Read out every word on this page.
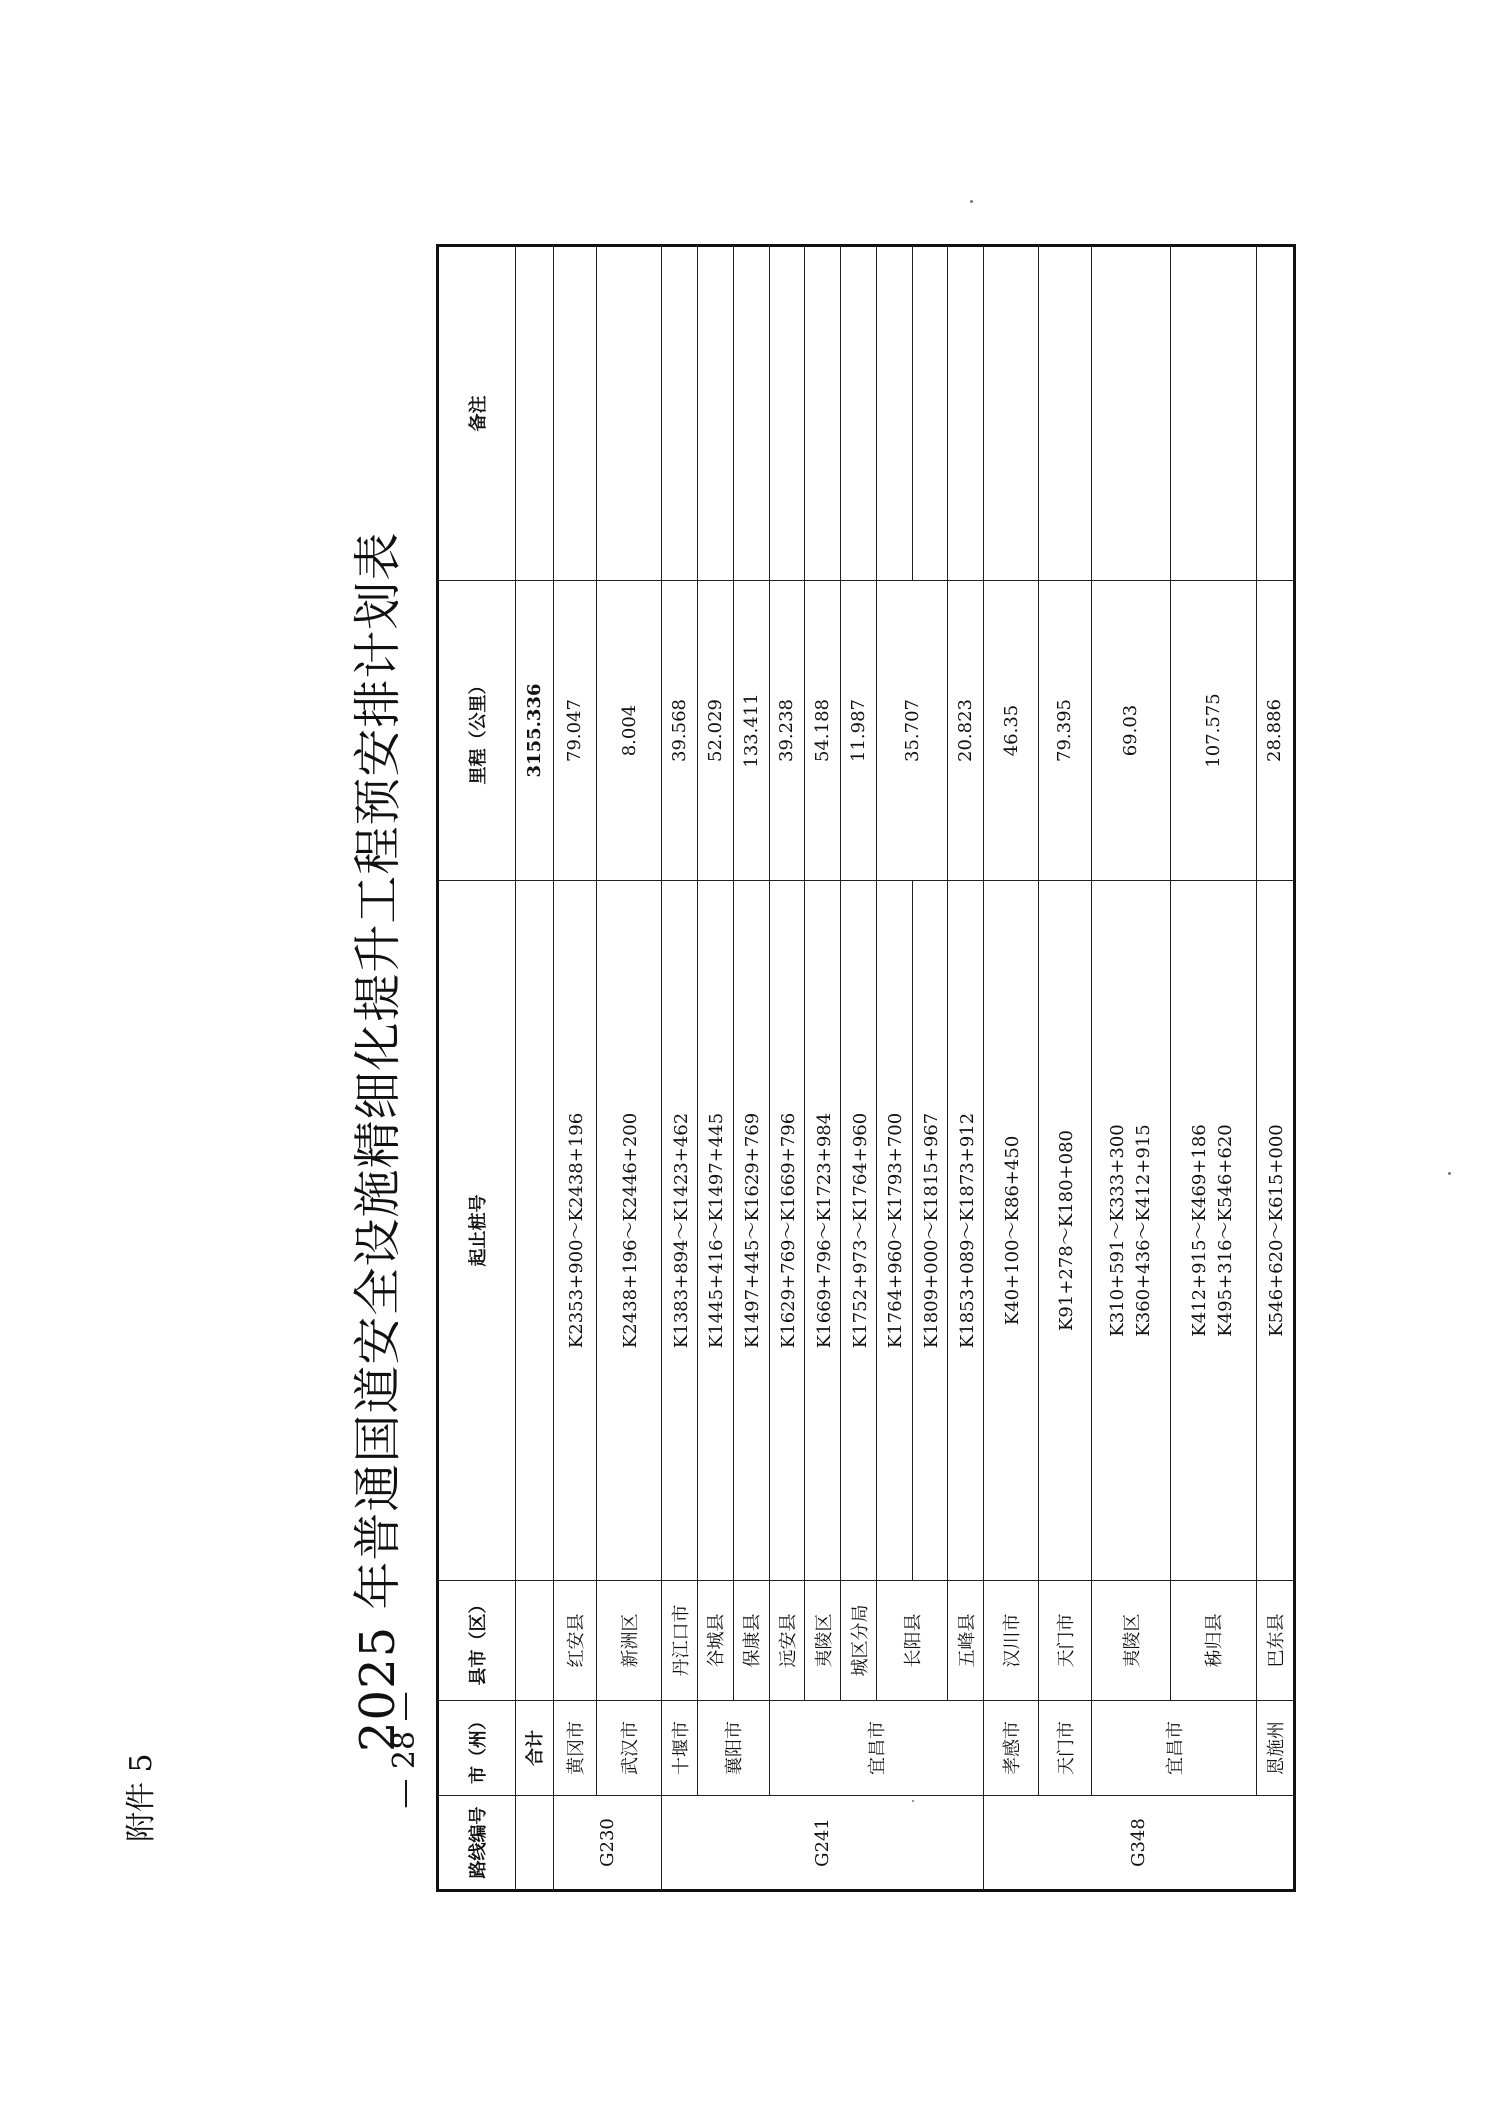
附件 5
2025 年普通国道安全设施精细化提升工程预安排计划表
— 28 —
路线编号	市（州）	县市（区）	起止桩号	里程（公里）	备注
	合计			3155.336	
G230	黄冈市	红安县	K2353+900～K2438+196	79.047	
	武汉市	新洲区	K2438+196～K2446+200	8.004	
G241	十堰市	丹江口市	K1383+894～K1423+462	39.568	
	襄阳市	谷城县	K1445+416～K1497+445	52.029	
		保康县	K1497+445～K1629+769	133.411	
	宜昌市	远安县	K1629+769～K1669+796	39.238	
		夷陵区	K1669+796～K1723+984	54.188	
		城区分局	K1752+973～K1764+960	11.987	
		长阳县	K1764+960～K1793+700	35.707	
			K1809+000～K1815+967		
		五峰县	K1853+089～K1873+912	20.823	
G348	孝感市	汉川市	K40+100～K86+450	46.35	
	天门市	天门市	K91+278～K180+080	79.395	
	宜昌市	夷陵区	K310+591～K333+300 K360+436～K412+915	69.03	
		秭归县	K412+915～K469+186 K495+316～K546+620	107.575	
	恩施州	巴东县	K546+620～K615+000	28.886	
